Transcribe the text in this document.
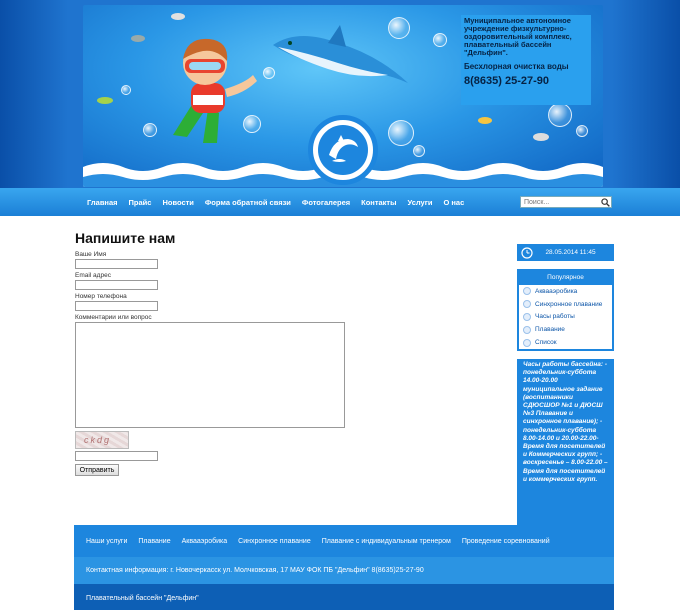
Муниципальное автономное учреждение физкультурно-оздоровительный комплекс, плавательный бассейн "Дельфин".
Бесхлорная очистка воды
8(8635) 25-27-90
Главная	Прайс	Новости	Форма обратной связи	Фотогалерея	Контакты	Услуги	О нас
Поиск...
Напишите нам
Ваше Имя
Email адрес
Номер телефона
Комментарии или вопрос
ckdg
Отправить
28.05.2014 11:45
Популярное
Аквааэробика
Синхронное плавание
Часы работы
Плавание
Список
Часы работы бассейна: - понедельник-суббота 14.00-20.00 муниципальное задание (воспитанники СДЮСШОР №1 и ДЮСШ №3 Плавание и синхронное плавание); - понедельник-суббота 8.00-14.00 и 20.00-22.00- Время для посетителей и Коммерческих групп; - воскресенье – 8.00-22.00 – Время для посетителей и коммерческих групп.
Наши услуги Плавание Аквааэробика Синхронное плавание Плавание с индивидуальным тренером Проведение соревнований
Контактная информация: г. Новочеркасск ул. Молчковская, 17 МАУ ФОК ПБ "Дельфин" 8(8635)25-27-90
Плавательный бассейн "Дельфин"
